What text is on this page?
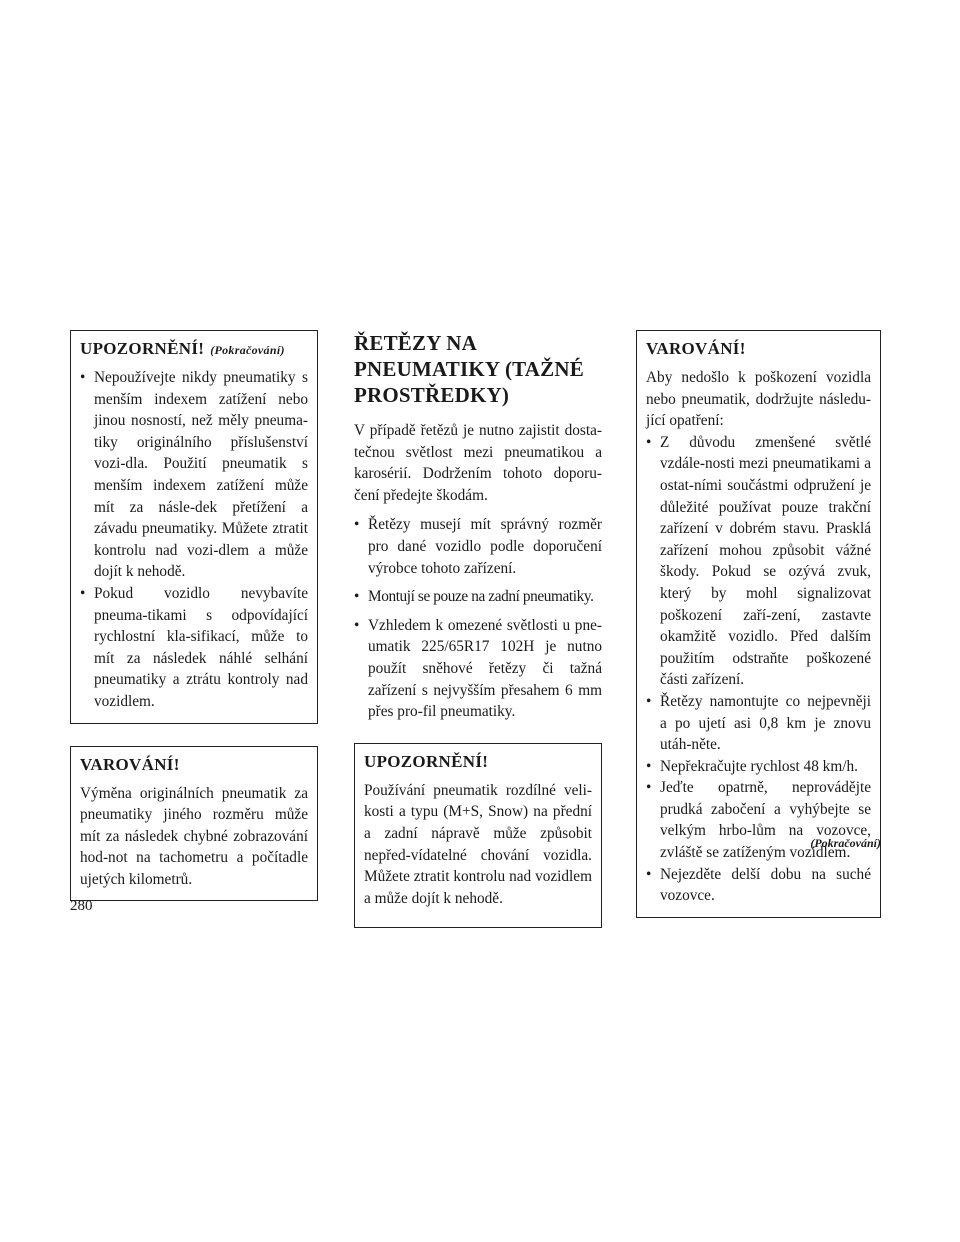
UPOZORNĚNÍ! (Pokračování)
• Nepoužívejte nikdy pneumatiky s menším indexem zatížení nebo jinou nosností, než měly pneuma-tiky originálního příslušenství vozi-dla. Použití pneumatik s menším indexem zatížení může mít za násle-dek přetížení a závadu pneumatiky. Můžete ztratit kontrolu nad vozi-dlem a může dojít k nehodě.
• Pokud vozidlo nevybavíte pneuma-tikami s odpovídající rychlostní kla-sifikací, může to mít za následek náhlé selhání pneumatiky a ztrátu kontroly nad vozidlem.
VAROVÁNÍ!

Výměna originálních pneumatik za pneumatiky jiného rozměru může mít za následek chybné zobrazování hod-not na tachometru a počítadle ujetých kilometrů.

ŘETĚZY NA
PNEUMATIKY (TAŽNÉ
PROSTŘEDKY)

V případě řetězů je nutno zajistit dosta-tečnou světlost mezi pneumatikou a karosérií. Dodržením tohoto doporu-čení předejte škodám.

• Řetězy musejí mít správný rozměr pro dané vozidlo podle doporučení výrobce tohoto zařízení.
• Montují se pouze na zadní pneumatiky.
• Vzhledem k omezené světlosti u pne-umatik 225/65R17 102H je nutno použít sněhové řetězy či tažná zařízení s nejvyšším přesahem 6 mm přes pro-fil pneumatiky.
UPOZORNĚNÍ!

Používání pneumatik rozdílné veli-kosti a typu (M+S, Snow) na přední a zadní nápravě může způsobit nepřed-vídatelné chování vozidla. Můžete ztratit kontrolu nad vozidlem a může dojít k nehodě.

VAROVÁNÍ!

Aby nedošlo k poškození vozidla nebo pneumatik, dodržujte následu-jící opatření:

• Z důvodu zmenšené světlé vzdále-nosti mezi pneumatikami a ostat-ními součástmi odpružení je důležité používat pouze trakční zařízení v dobrém stavu. Prasklá zařízení mohou způsobit vážné škody. Pokud se ozývá zvuk, který by mohl signalizovat poškození zaří-zení, zastavte okamžitě vozidlo. Před dalším použitím odstraňte poškozené části zařízení.
• Řetězy namontujte co nejpevněji a po ujetí asi 0,8 km je znovu utáh-něte.
• Nepřekračujte rychlost 48 km/h.
• Jeďte opatrně, neprovádějte prudká zabočení a vyhýbejte se velkým hrbo-lům na vozovce, zvláště se zatíženým vozidlem.
• Nejezděte delší dobu na suché vozovce.
(Pokračování)
280
